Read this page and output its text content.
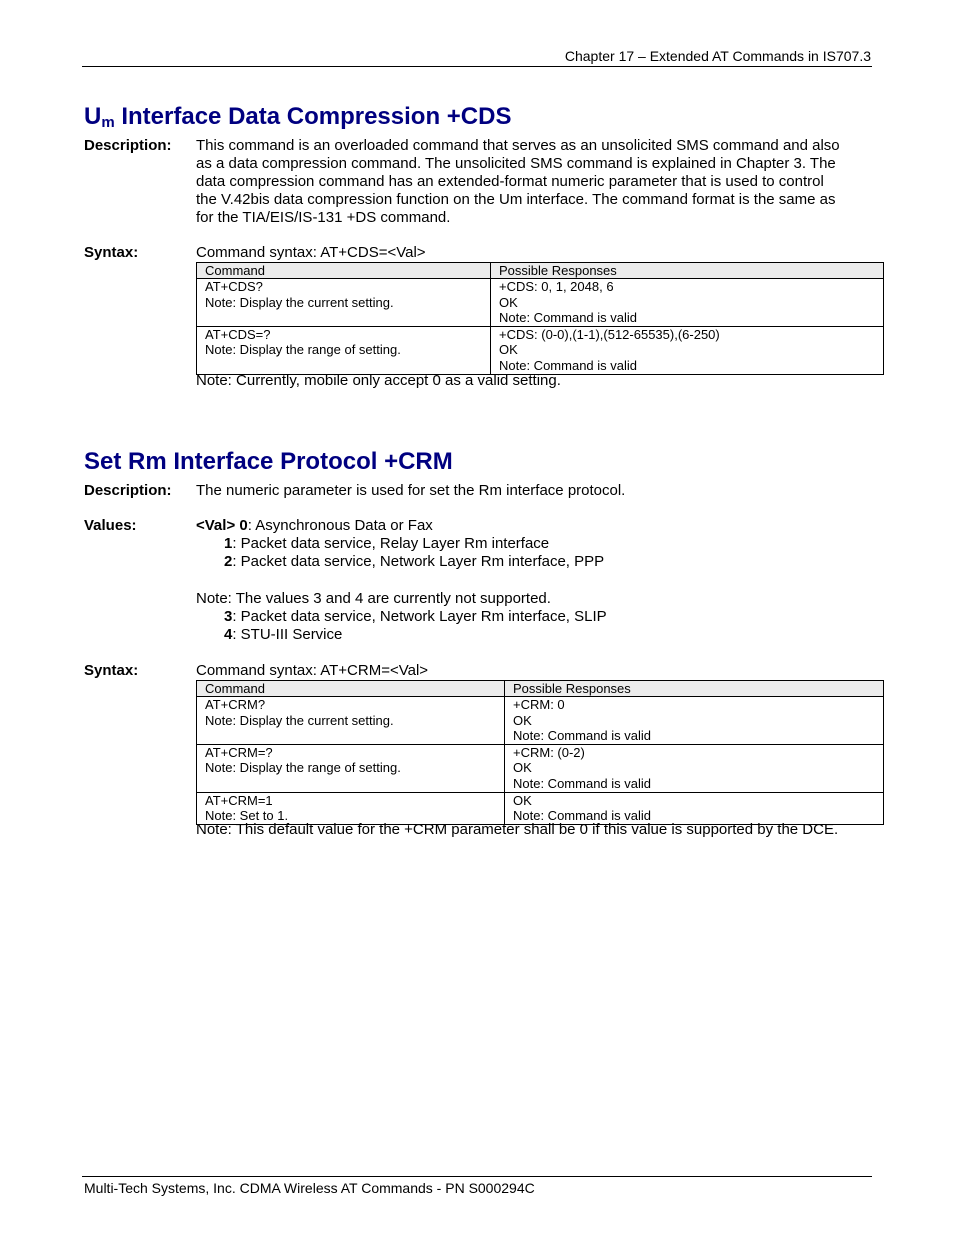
Chapter 17 – Extended AT Commands in IS707.3
$U_m$ Interface Data Compression +CDS
Description: This command is an overloaded command that serves as an unsolicited SMS command and also as a data compression command. The unsolicited SMS command is explained in Chapter 3. The data compression command has an extended-format numeric parameter that is used to control the V.42bis data compression function on the Um interface. The command format is the same as for the TIA/EIS/IS-131 +DS command.
Syntax:	Command syntax: AT+CDS=<Val>
Command	Possible Responses

AT+CDS?
Note: Display the current setting.	+CDS: 0, 1, 2048, 6
OK
Note: Command is valid

AT+CDS=?
Note: Display the range of setting.	+CDS: (0-0),(1-1),(512-65535),(6-250)
OK
Note: Command is valid
Note: Currently, mobile only accept 0 as a valid setting.
Set Rm Interface Protocol +CRM
Description: The numeric parameter is used for set the Rm interface protocol.
Values:	<Val> 0: Asynchronous Data or Fax
1: Packet data service, Relay Layer Rm interface
2: Packet data service, Network Layer Rm interface, PPP
Note: The values 3 and 4 are currently not supported.
3: Packet data service, Network Layer Rm interface, SLIP
4: STU-III Service
Syntax:	Command syntax: AT+CRM=<Val>
Command	Possible Responses

AT+CRM?
Note: Display the current setting.	+CRM: 0
OK
Note: Command is valid

AT+CRM=?
Note: Display the range of setting.	+CRM: (0-2)
OK
Note: Command is valid

AT+CRM=1
Note: Set to 1.	OK
Note: Command is valid
Note: This default value for the +CRM parameter shall be 0 if this value is supported by the DCE.
Multi-Tech Systems, Inc. CDMA Wireless AT Commands - PN S000294C
